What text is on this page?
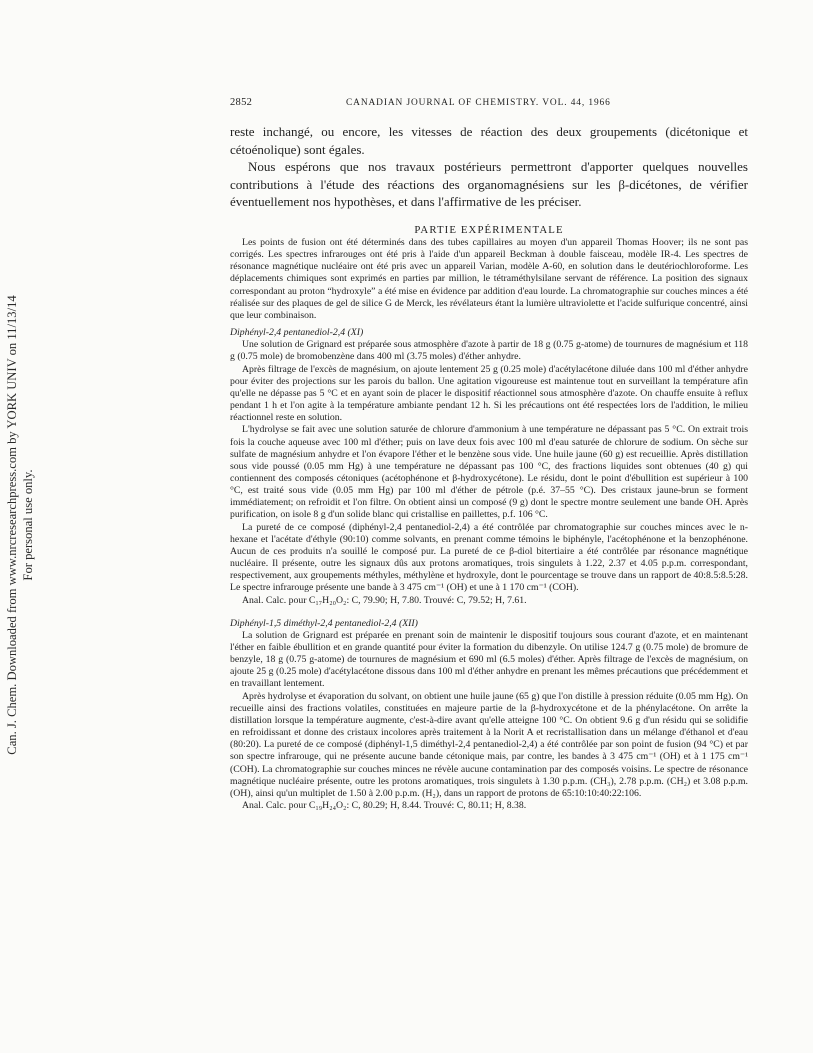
Can. J. Chem. Downloaded from www.nrcresearchpress.com by YORK UNIV on 11/13/14 For personal use only.
2852	CANADIAN JOURNAL OF CHEMISTRY. VOL. 44, 1966

reste inchangé, ou encore, les vitesses de réaction des deux groupements (dicétonique et cétoénolique) sont égales.

Nous espérons que nos travaux postérieurs permettront d'apporter quelques nouvelles contributions à l'étude des réactions des organomagnésiens sur les β-dicétones, de vérifier éventuellement nos hypothèses, et dans l'affirmative de les préciser.

PARTIE EXPÉRIMENTALE

Les points de fusion ont été déterminés dans des tubes capillaires au moyen d'un appareil Thomas Hoover; ils ne sont pas corrigés. Les spectres infrarouges ont été pris à l'aide d'un appareil Beckman à double faisceau, modèle IR-4. Les spectres de résonance magnétique nucléaire ont été pris avec un appareil Varian, modèle A-60, en solution dans le deutériochloroforme. Les déplacements chimiques sont exprimés en parties par million, le tétraméthylsilane servant de référence. La position des signaux correspondant au proton “hydroxyle” a été mise en évidence par addition d'eau lourde. La chromatographie sur couches minces a été réalisée sur des plaques de gel de silice G de Merck, les révélateurs étant la lumière ultraviolette et l'acide sulfurique concentré, ainsi que leur combinaison.

Diphényl-2,4 pentanediol-2,4 (XI)

Une solution de Grignard est préparée sous atmosphère d'azote à partir de 18 g (0.75 g-atome) de tournures de magnésium et 118 g (0.75 mole) de bromobenzène dans 400 ml (3.75 moles) d'éther anhydre.

Après filtrage de l'excès de magnésium, on ajoute lentement 25 g (0.25 mole) d'acétylacétone diluée dans 100 ml d'éther anhydre pour éviter des projections sur les parois du ballon. Une agitation vigoureuse est maintenue tout en surveillant la température afin qu'elle ne dépasse pas 5 °C et en ayant soin de placer le dispositif réactionnel sous atmosphère d'azote. On chauffe ensuite à reflux pendant 1 h et l'on agite à la température ambiante pendant 12 h. Si les précautions ont été respectées lors de l'addition, le milieu réactionnel reste en solution.

L'hydrolyse se fait avec une solution saturée de chlorure d'ammonium à une température ne dépassant pas 5 °C. On extrait trois fois la couche aqueuse avec 100 ml d'éther; puis on lave deux fois avec 100 ml d'eau saturée de chlorure de sodium. On sèche sur sulfate de magnésium anhydre et l'on évapore l'éther et le benzène sous vide. Une huile jaune (60 g) est recueillie. Après distillation sous vide poussé (0.05 mm Hg) à une température ne dépassant pas 100 °C, des fractions liquides sont obtenues (40 g) qui contiennent des composés cétoniques (acétophénone et β-hydroxycétone). Le résidu, dont le point d'ébullition est supérieur à 100 °C, est traité sous vide (0.05 mm Hg) par 100 ml d'éther de pétrole (p.é. 37–55 °C). Des cristaux jaune-brun se forment immédiatement; on refroidit et l'on filtre. On obtient ainsi un composé (9 g) dont le spectre montre seulement une bande OH. Après purification, on isole 8 g d'un solide blanc qui cristallise en paillettes, p.f. 106 °C.

La pureté de ce composé (diphényl-2,4 pentanediol-2,4) a été contrôlée par chromatographie sur couches minces avec le n-hexane et l'acétate d'éthyle (90:10) comme solvants, en prenant comme témoins le biphényle, l'acétophénone et la benzophénone. Aucun de ces produits n'a souillé le composé pur. La pureté de ce β-diol bitertiaire a été contrôlée par résonance magnétique nucléaire. Il présente, outre les signaux dûs aux protons aromatiques, trois singulets à 1.22, 2.37 et 4.05 p.p.m. correspondant, respectivement, aux groupements méthyles, méthylène et hydroxyle, dont le pourcentage se trouve dans un rapport de 40:8.5:8.5:28. Le spectre infrarouge présente une bande à 3 475 cm⁻¹ (OH) et une à 1 170 cm⁻¹ (COH).

Anal. Calc. pour C₁₇H₂₀O₂: C, 79.90; H, 7.80. Trouvé: C, 79.52; H, 7.61.

Diphényl-1,5 diméthyl-2,4 pentanediol-2,4 (XII)

La solution de Grignard est préparée en prenant soin de maintenir le dispositif toujours sous courant d'azote, et en maintenant l'éther en faible ébullition et en grande quantité pour éviter la formation du dibenzyle. On utilise 124.7 g (0.75 mole) de bromure de benzyle, 18 g (0.75 g-atome) de tournures de magnésium et 690 ml (6.5 moles) d'éther. Après filtrage de l'excès de magnésium, on ajoute 25 g (0.25 mole) d'acétylacétone dissous dans 100 ml d'éther anhydre en prenant les mêmes précautions que précédemment et en travaillant lentement.

Après hydrolyse et évaporation du solvant, on obtient une huile jaune (65 g) que l'on distille à pression réduite (0.05 mm Hg). On recueille ainsi des fractions volatiles, constituées en majeure partie de la β-hydroxycétone et de la phénylacétone. On arrête la distillation lorsque la température augmente, c'est-à-dire avant qu'elle atteigne 100 °C. On obtient 9.6 g d'un résidu qui se solidifie en refroidissant et donne des cristaux incolores après traitement à la Norit A et recristallisation dans un mélange d'éthanol et d'eau (80:20). La pureté de ce composé (diphényl-1,5 diméthyl-2,4 pentanediol-2,4) a été contrôlée par son point de fusion (94 °C) et par son spectre infrarouge, qui ne présente aucune bande cétonique mais, par contre, les bandes à 3 475 cm⁻¹ (OH) et à 1 175 cm⁻¹ (COH). La chromatographie sur couches minces ne révèle aucune contamination par des composés voisins. Le spectre de résonance magnétique nucléaire présente, outre les protons aromatiques, trois singulets à 1.30 p.p.m. (CH₃), 2.78 p.p.m. (CH₂) et 3.08 p.p.m. (OH), ainsi qu'un multiplet de 1.50 à 2.00 p.p.m. (H₂), dans un rapport de protons de 65:10:10:40:22:106.

Anal. Calc. pour C₁₉H₂₄O₂: C, 80.29; H, 8.44. Trouvé: C, 80.11; H, 8.38.
